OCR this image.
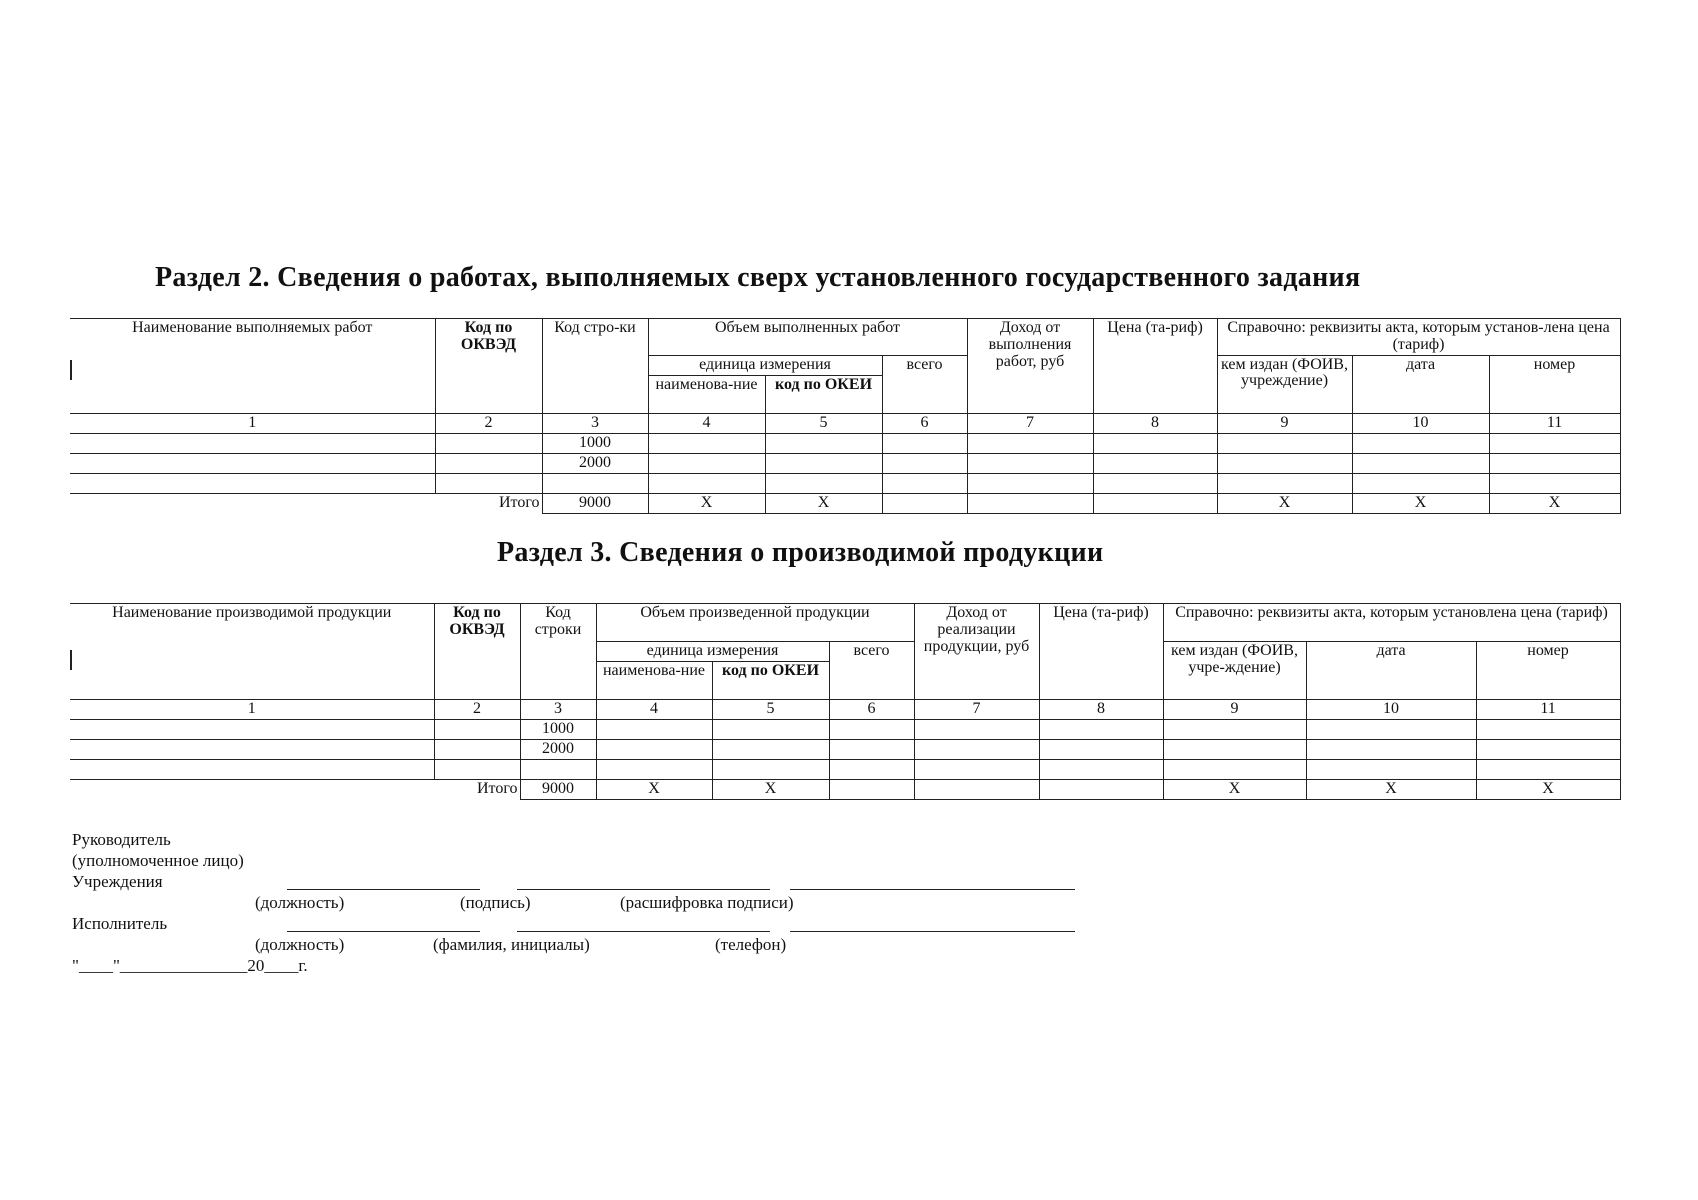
Раздел 2. Сведения о работах, выполняемых сверх установленного государственного задания
Наименование выполняемых работ	Код по ОКВЭД	Код стро-ки	Объем выполненных работ			Доход от выполнения работ, руб	Цена (та-риф)	Справочно: реквизиты акта, которым установ-лена цена (тариф)		
			единица измерения		всего			кем издан (ФОИВ, учреждение)	дата	номер
			наименова-ние	код по ОКЕИ						
1	2	3	4	5	6	7	8	9	10	11
		1000								
		2000								

Итого		9000	Х	Х				Х	Х	Х
Раздел 3. Сведения о производимой продукции
Наименование производимой продукции	Код по ОКВЭД	Код строки	Объем произведенной продукции			Доход от реализации продукции, руб	Цена (та-риф)	Справочно: реквизиты акта, которым установлена цена (тариф)		
			единица измерения		всего			кем издан (ФОИВ, учре-ждение)	дата	номер
			наименова-ние	код по ОКЕИ						
1	2	3	4	5	6	7	8	9	10	11
		1000								
		2000								

Итого		9000	Х	Х				Х	Х	Х
Руководитель
(уполномоченное лицо)
Учреждения
(должность)	(подпись)	(расшифровка подписи)
Исполнитель
(должность)	(фамилия, инициалы)	(телефон)
"____"_______________20____г.
